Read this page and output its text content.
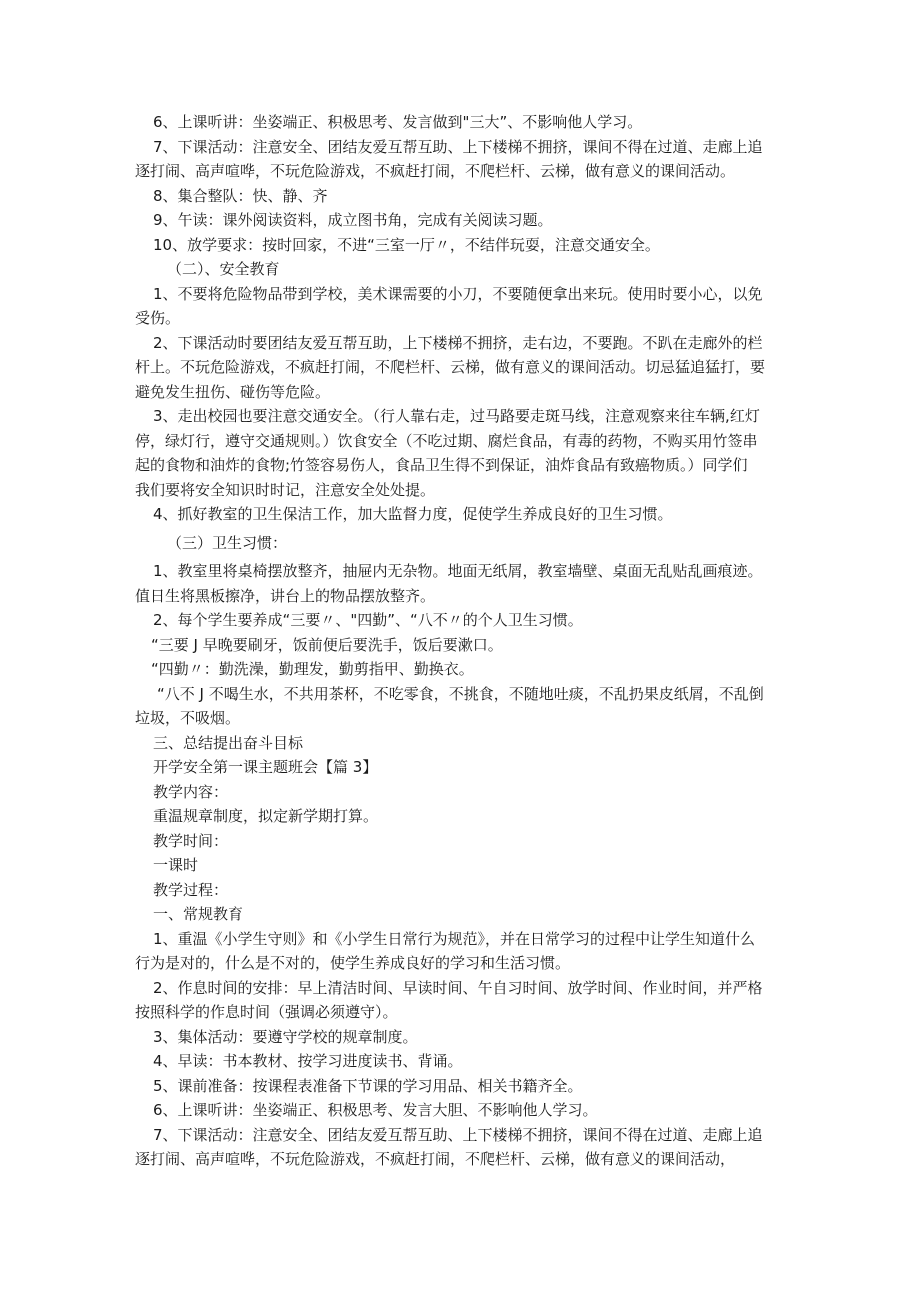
6、上课听讲：坐姿端正、积极思考、发言做到"三大”、不影响他人学习。

7、下课活动：注意安全、团结友爱互帮互助、上下楼梯不拥挤，课间不得在过道、走廊上追

逐打闹、高声喧哗，不玩危险游戏，不疯赶打闹，不爬栏杆、云梯，做有意义的课间活动。

8、集合整队：快、静、齐

9、午读：课外阅读资料，成立图书角，完成有关阅读习题。

10、放学要求：按时回家，不进“三室一厅〃，不结伴玩耍，注意交通安全。

（二）、安全教育

1、不要将危险物品带到学校，美术课需要的小刀，不要随便拿出来玩。使用时要小心，以免

受伤。

2、下课活动时要团结友爱互帮互助，上下楼梯不拥挤，走右边，不要跑。不趴在走廊外的栏

杆上。不玩危险游戏，不疯赶打闹，不爬栏杆、云梯，做有意义的课间活动。切忌猛追猛打，要

避免发生扭伤、碰伤等危险。

3、走出校园也要注意交通安全。（行人靠右走，过马路要走斑马线，注意观察来往车辆,红灯

停，绿灯行，遵守交通规则。）饮食安全（不吃过期、腐烂食品，有毒的药物，不购买用竹签串

起的食物和油炸的食物;竹签容易伤人，食品卫生得不到保证，油炸食品有致癌物质。）同学们

我们要将安全知识时时记，注意安全处处提。

4、抓好教室的卫生保洁工作，加大监督力度，促使学生养成良好的卫生习惯。

（三）卫生习惯：

1、教室里将桌椅摆放整齐，抽屉内无杂物。地面无纸屑，教室墙壁、桌面无乱贴乱画痕迹。

值日生将黑板擦净，讲台上的物品摆放整齐。

2、每个学生要养成“三要〃、"四勤”、“八不〃的个人卫生习惯。

“三要 J 早晚要刷牙，饭前便后要洗手，饭后要漱口。

“四勤〃：勤洗澡，勤理发，勤剪指甲、勤换衣。

“八不 J 不喝生水，不共用茶杯，不吃零食，不挑食，不随地吐痰，不乱扔果皮纸屑，不乱倒

垃圾，不吸烟。

三、总结提出奋斗目标

开学安全第一课主题班会【篇 3】

教学内容：

重温规章制度，拟定新学期打算。

教学时间：

一课时

教学过程：

一、常规教育

1、重温《小学生守则》和《小学生日常行为规范》，并在日常学习的过程中让学生知道什么

行为是对的，什么是不对的，使学生养成良好的学习和生活习惯。

2、作息时间的安排：早上清洁时间、早读时间、午自习时间、放学时间、作业时间，并严格

按照科学的作息时间（强调必须遵守）。

3、集体活动：要遵守学校的规章制度。

4、早读：书本教材、按学习进度读书、背诵。

5、课前准备：按课程表准备下节课的学习用品、相关书籍齐全。

6、上课听讲：坐姿端正、积极思考、发言大胆、不影响他人学习。

7、下课活动：注意安全、团结友爱互帮互助、上下楼梯不拥挤，课间不得在过道、走廊上追

逐打闹、高声喧哗，不玩危险游戏，不疯赶打闹，不爬栏杆、云梯，做有意义的课间活动，
